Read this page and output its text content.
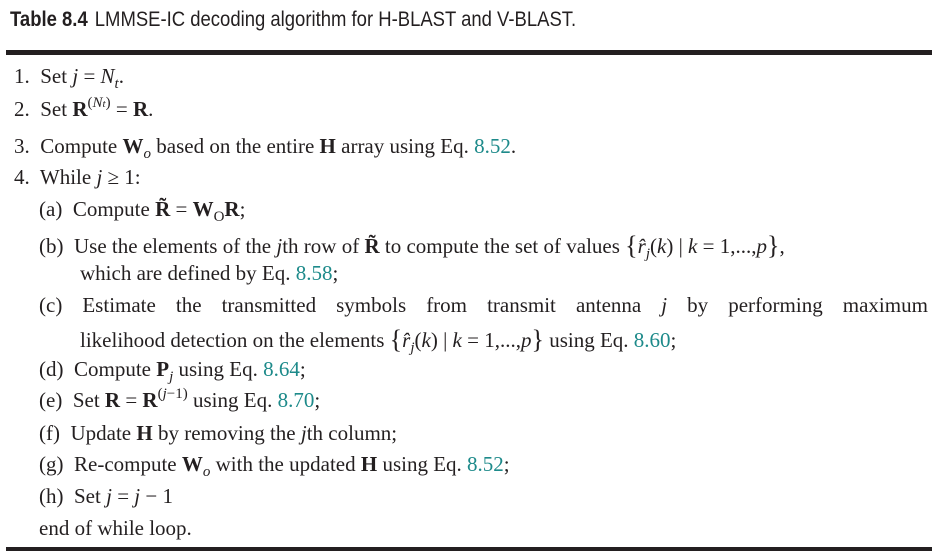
Table 8.4 LMMSE-IC decoding algorithm for H-BLAST and V-BLAST.
1. Set $j = N_t$.
2. Set $R^{(Nt)} = R$.
3. Compute $W_o$ based on the entire H array using Eq. 8.52.
4. While j ≥ 1:
(a) Compute R̃ = $W_OR$;
(b) Use the elements of the jth row of R̃ to compute the set of values {$r̂_j(k)$ | k = 1,...,p},
which are defined by Eq. 8.58;
(c) Estimate the transmitted symbols from transmit antenna j by performing maximum
likelihood detection on the elements {$r̂_j(k)$ | k = 1,...,p} using Eq. 8.60;
(d) Compute $P_j$ using Eq. 8.64;
(e) Set $R = R^{(j-1)}$ using Eq. 8.70;
(f) Update H by removing the jth column;
(g) Re-compute $W_o$ with the updated H using Eq. 8.52;
(h) Set j = j − 1
end of while loop.
